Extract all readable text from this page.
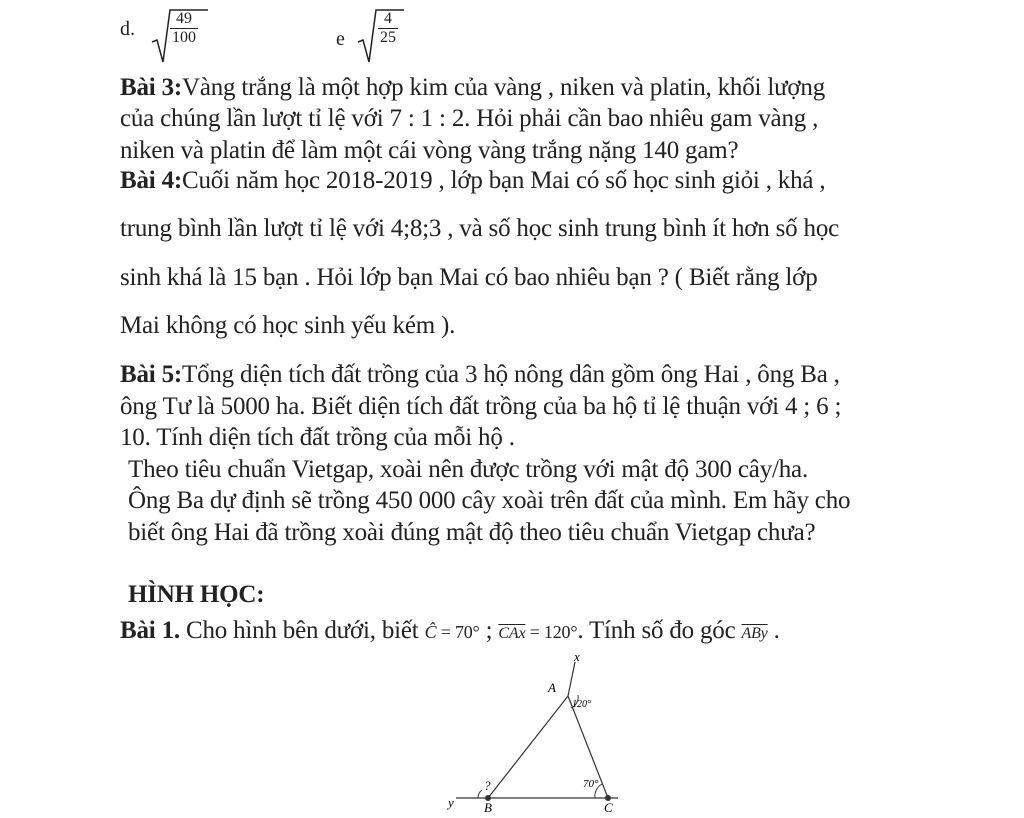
d. $\frac{49}{100}$	e $\frac{4}{25}$
Bài 3:Vàng trắng là một hợp kim của vàng , niken và platin, khối lượng
của chúng lần lượt tỉ lệ với 7 : 1 : 2. Hỏi phải cần bao nhiêu gam vàng ,
niken và platin để làm một cái vòng vàng trắng nặng 140 gam?
Bài 4:Cuối năm học 2018-2019 , lớp bạn Mai có số học sinh giỏi , khá ,
trung bình lần lượt tỉ lệ với 4;8;3 , và số học sinh trung bình ít hơn số học
sinh khá là 15 bạn . Hỏi lớp bạn Mai có bao nhiêu bạn ? ( Biết rằng lớp
Mai không có học sinh yếu kém ).
Bài 5:Tổng diện tích đất trồng của 3 hộ nông dân gồm ông Hai , ông Ba ,
ông Tư là 5000 ha. Biết diện tích đất trồng của ba hộ tỉ lệ thuận với 4 ; 6 ;
10. Tính diện tích đất trồng của mỗi hộ .
Theo tiêu chuẩn Vietgap, xoài nên được trồng với mật độ 300 cây/ha.
Ông Ba dự định sẽ trồng 450 000 cây xoài trên đất của mình. Em hãy cho
biết ông Hai đã trồng xoài đúng mật độ theo tiêu chuẩn Vietgap chưa?
HÌNH HỌC:
Bài 1. Cho hình bên dưới, biết Ĉ = 70° ; $\overline{CAx} = 120^\circ$. Tính số đo góc $\overline{ABy}$ .
x
A
120°
70°
?
y B	C
